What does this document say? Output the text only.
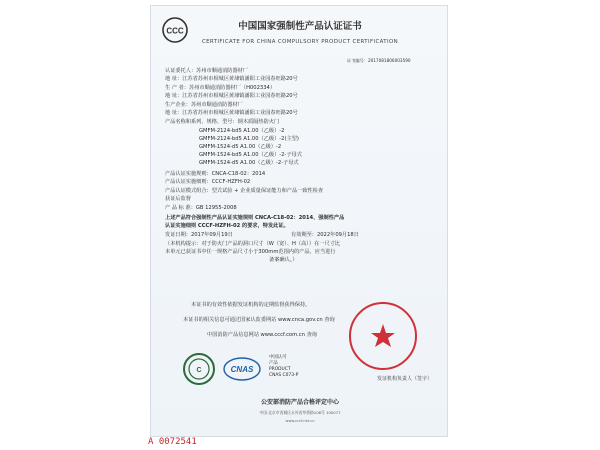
CCC	中国国家强制性产品认证证书
CERTIFICATE FOR CHINA COMPULSORY PRODUCT CERTIFICATION
证书编号：2017081806003590
认证委托人：苏州市顺通消防器材厂
地 址：江苏省苏州市相城区黄埭镇潘阳工业园春旺路20号
生 产 者：苏州市顺通消防器材厂（H002334）
地 址：江苏省苏州市相城区黄埭镇潘阳工业园春旺路20号
生产企业：苏州市顺通消防器材厂
地 址：江苏省苏州市相城区黄埭镇潘阳工业园春旺路20号
产品名称和系列、规格、型号：钢木质隔热防火门
GMFM-2124-bd5 A1.00（乙级）-2
GMFM-2124-bd5 A1.00（乙级）-2(主型)
GMFM-1524-d5 A1.00（乙级）-2
GMFM-1524-bd5 A1.00（乙级）-2-子母式
GMFM-1524-d5 A1.00（乙级）-2-子母式
产品认证实施规则：CNCA-C18-02：2014
产品认证实施细则：CCCF-HZFH-02
产品认证模式组合：型式试验 + 企业质量保证能力和产品一致性检查
获证后监督
产 品 标 准：GB 12955-2008
上述产品符合强制性产品认证实施规则 CNCA-C18-02：2014、强制性产品
认证实施细则 CCCF-HZFH-02 的要求，特发此证。
发证日期：2017年09月19日	有效期至：2022年09月18日
（本机构提示：对于防火门产品的洞口尺寸（W（宽）、H（高））在一尺寸比
本单元已获证书中任一规格产品尺寸小于300mm范围内的产品，应当进行
备案确认。）
本证书的有效性依据发证机构的定期监督获得保持。
本证书的相关信息可通过国家认监委网站 www.cnca.gov.cn 查询
中国消防产品信息网站 www.cccf.com.cn 查询
C	CNAS
中国认可
产品
PRODUCT
CNAS C073-P
发证机构负责人（签字）
公安部消防产品合格评定中心
中国·北京市西城区永外西草桥路108号 100077
www.cccf.net.cn
A 0072541
